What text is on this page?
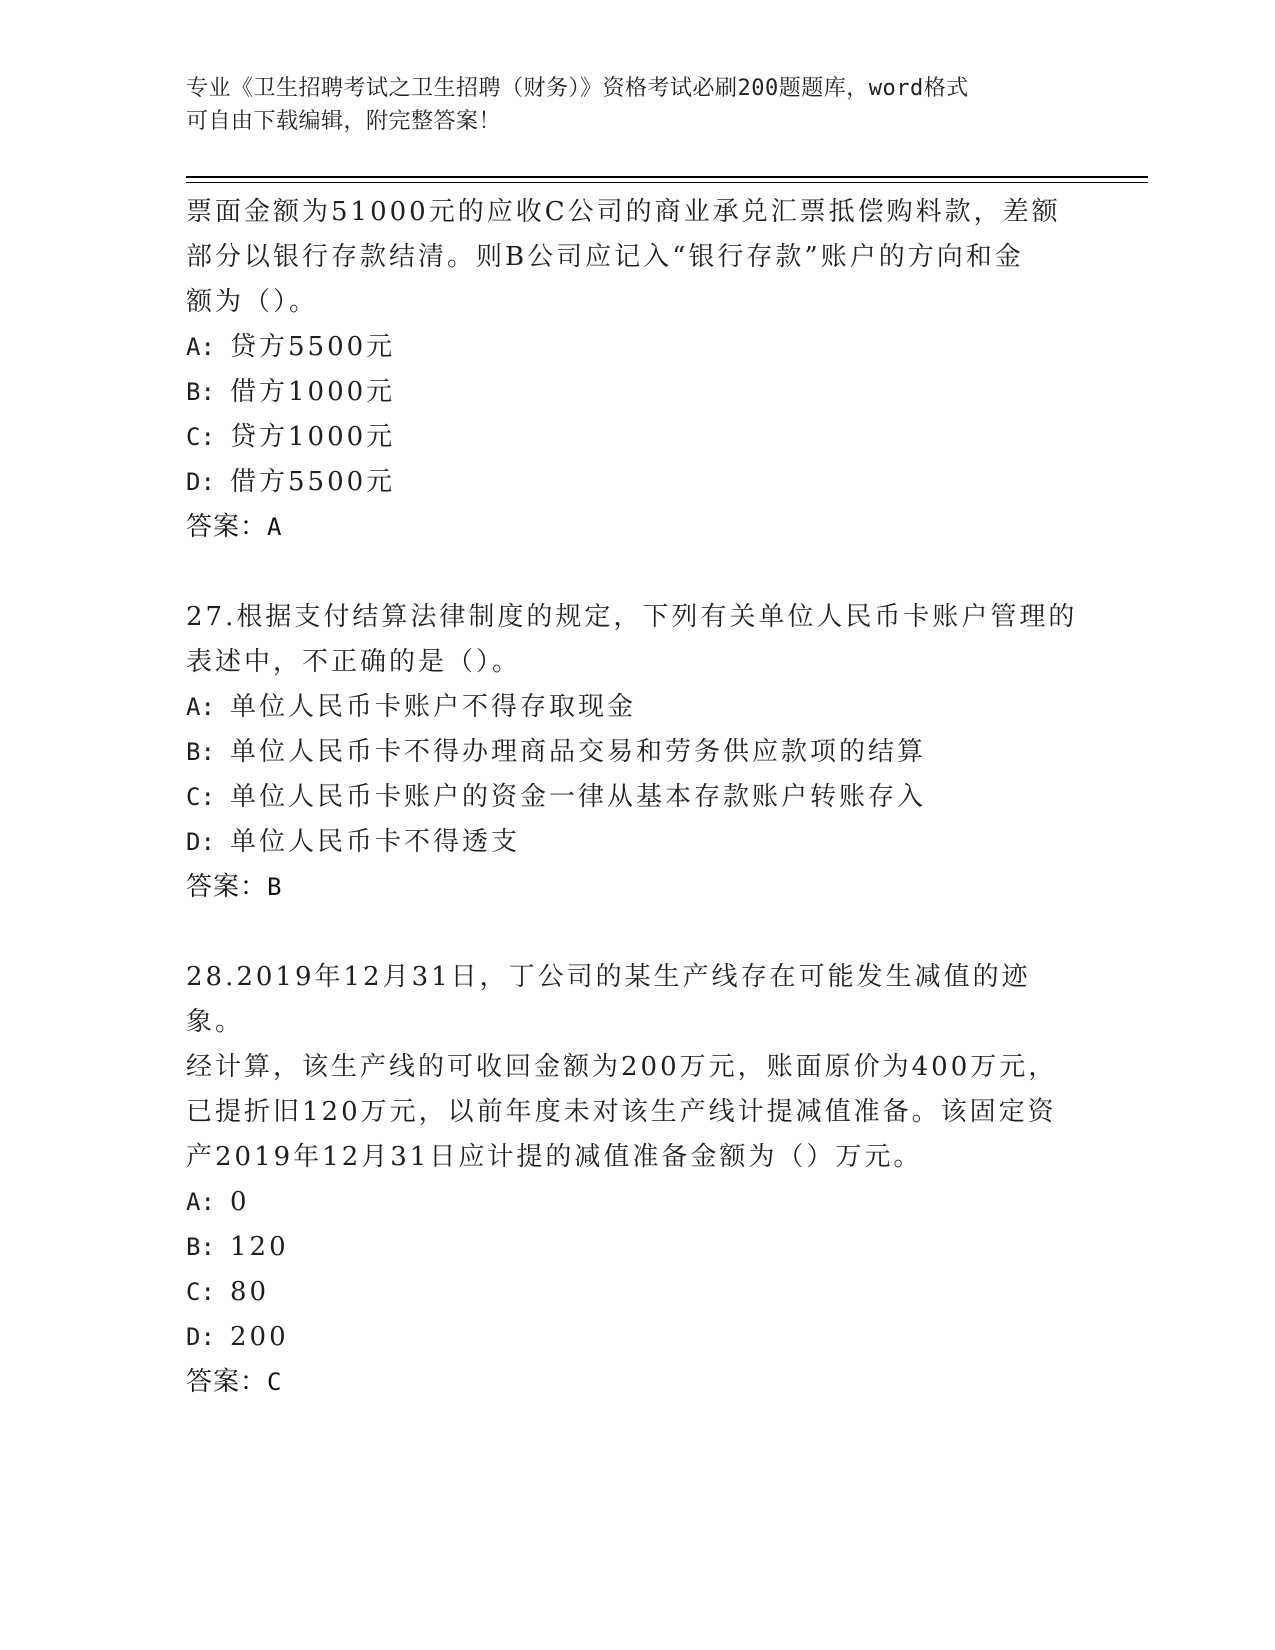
专业《卫生招聘考试之卫生招聘（财务）》资格考试必刷200题题库，word格式
可自由下载编辑，附完整答案！

票面金额为51000元的应收C公司的商业承兑汇票抵偿购料款，差额

部分以银行存款结清。则B公司应记入“银行存款”账户的方向和金

额为（）。

A: 贷方5500元

B: 借方1000元

C: 贷方1000元

D: 借方5500元

答案：A

27.根据支付结算法律制度的规定，下列有关单位人民币卡账户管理的

表述中，不正确的是（）。

A: 单位人民币卡账户不得存取现金

B: 单位人民币卡不得办理商品交易和劳务供应款项的结算

C: 单位人民币卡账户的资金一律从基本存款账户转账存入

D: 单位人民币卡不得透支

答案：B

28.2019年12月31日，丁公司的某生产线存在可能发生减值的迹象。

经计算，该生产线的可收回金额为200万元，账面原价为400万元，

已提折旧120万元，以前年度未对该生产线计提减值准备。该固定资

产2019年12月31日应计提的减值准备金额为（）万元。

A: 0

B: 120

C: 80

D: 200

答案：C
